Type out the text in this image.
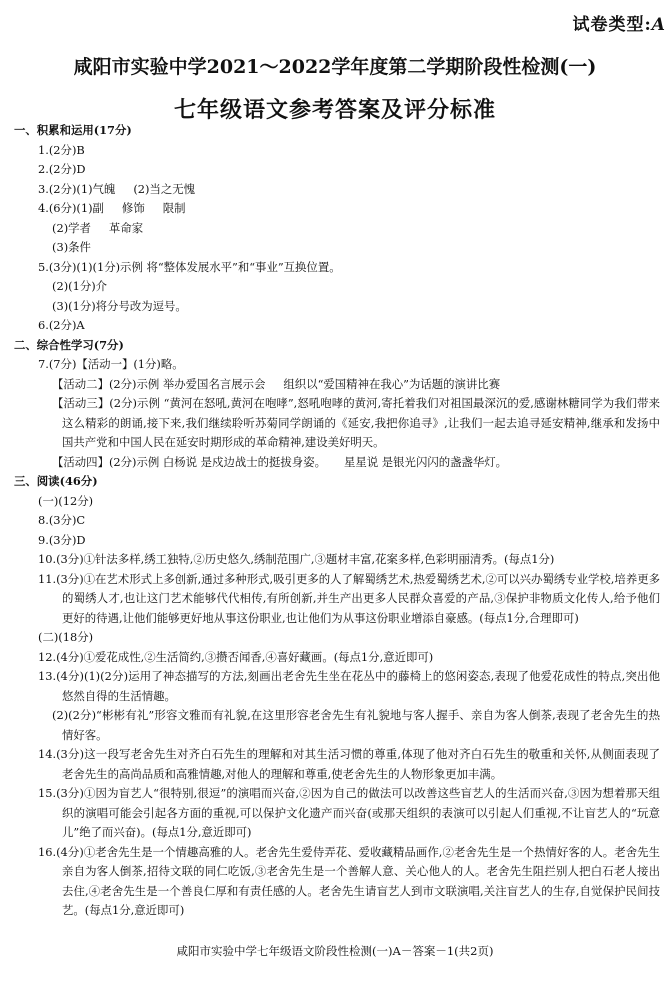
试卷类型:A
咸阳市实验中学2021～2022学年度第二学期阶段性检测(一)
七年级语文参考答案及评分标准
一、积累和运用(17分)
1.(2分)B
2.(2分)D
3.(2分)(1)气魄 (2)当之无愧
4.(6分)(1)副 修饰 限制
(2)学者 革命家
(3)条件
5.(3分)(1)(1分)示例 将“整体发展水平”和“事业”互换位置。
(2)(1分)介
(3)(1分)将分号改为逗号。
6.(2分)A
二、综合性学习(7分)
7.(7分)【活动一】(1分)略。
【活动二】(2分)示例 举办爱国名言展示会 组织以“爱国精神在我心”为话题的演讲比赛
【活动三】(2分)示例 “黄河在怒吼,黄河在咆哮”,怒吼咆哮的黄河,寄托着我们对祖国最深沉的爱,感谢林糖同学为我们带来这么精彩的朗诵,接下来,我们继续聆听苏菊同学朗诵的《延安,我把你追寻》,让我们一起去追寻延安精神,继承和发扬中国共产党和中国人民在延安时期形成的革命精神,建设美好明天。
【活动四】(2分)示例 白杨说 是戍边战士的挺拔身姿。 星星说 是银光闪闪的盏盏华灯。
三、阅读(46分)
(一)(12分)
8.(3分)C
9.(3分)D
10.(3分)①针法多样,绣工独特,②历史悠久,绣制范围广,③题材丰富,花案多样,色彩明丽清秀。(每点1分)
11.(3分)①在艺术形式上多创新,通过多种形式,吸引更多的人了解蜀绣艺术,热爱蜀绣艺术,②可以兴办蜀绣专业学校,培养更多的蜀绣人才,也让这门艺术能够代代相传,有所创新,并生产出更多人民群众喜爱的产品,③保护非物质文化传人,给予他们更好的待遇,让他们能够更好地从事这份职业,也让他们为从事这份职业增添自豪感。(每点1分,合理即可)
(二)(18分)
12.(4分)①爱花成性,②生活简约,③攒否闻香,④喜好藏画。(每点1分,意近即可)
13.(4分)(1)(2分)运用了神态描写的方法,刻画出老舍先生坐在花丛中的藤椅上的悠闲姿态,表现了他爱花成性的特点,突出他悠然自得的生活情趣。
(2)(2分)“彬彬有礼”形容文雅而有礼貌,在这里形容老舍先生有礼貌地与客人握手、亲自为客人倒茶,表现了老舍先生的热情好客。
14.(3分)这一段写老舍先生对齐白石先生的理解和对其生活习惯的尊重,体现了他对齐白石先生的敬重和关怀,从侧面表现了老舍先生的高尚品质和高雅情趣,对他人的理解和尊重,使老舍先生的人物形象更加丰满。
15.(3分)①因为盲艺人“很特别,很逗”的演唱而兴奋,②因为自己的做法可以改善这些盲艺人的生活而兴奋,③因为想着那天组织的演唱可能会引起各方面的重视,可以保护文化遗产而兴奋(或那天组织的表演可以引起人们重视,不让盲艺人的“玩意儿”绝了而兴奋)。(每点1分,意近即可)
16.(4分)①老舍先生是一个情趣高雅的人。老舍先生爱侍弄花、爱收藏精品画作,②老舍先生是一个热情好客的人。老舍先生亲自为客人倒茶,招待文联的同仁吃饭,③老舍先生是一个善解人意、关心他人的人。老舍先生阻拦别人把白石老人接出去住,④老舍先生是一个善良仁厚和有责任感的人。老舍先生请盲艺人到市文联演唱,关注盲艺人的生存,自觉保护民间技艺。(每点1分,意近即可)
咸阳市实验中学七年级语文阶段性检测(一)A－答案－1(共2页)
